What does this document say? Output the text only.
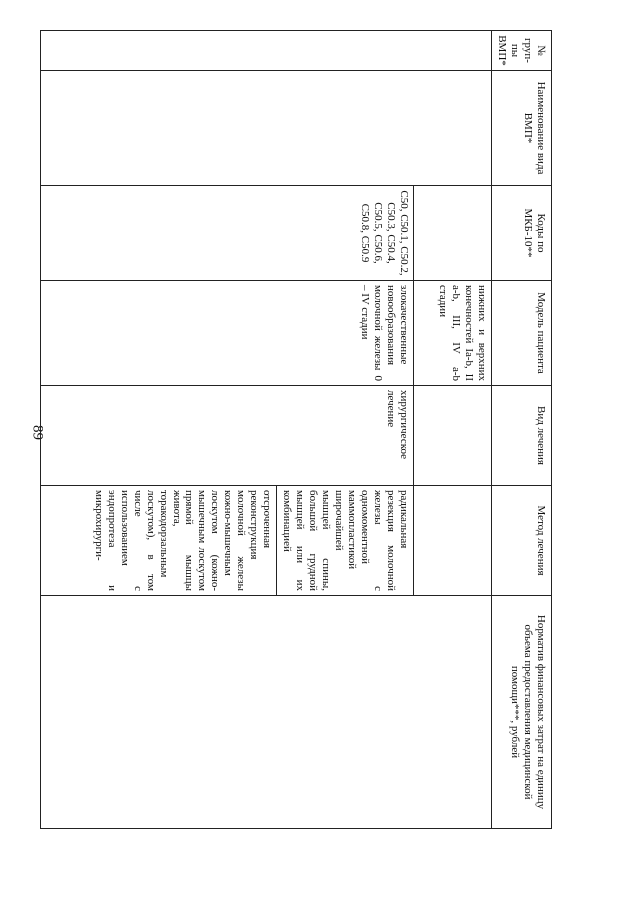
89
№ груп-пы ВМП*	Наименование вида ВМП*	Коды по МКБ-10**	Модель пациента	Вид лечения	Метод лечения	Норматив финансовых затрат на единицу объема предоставления медицинской помощи***, рублей
			нижних и верхних конечностей Ia-b, II a-b, III, IV a-b стадии			
		C50, C50.1, C50.2, C50.3, C50.4, C50.5, C50.6, C50.8, C50.9	злокачественные новообразования молочной железы 0 – IV стадии	хирургическое лечение	радикальная резекция молочной железы с одномоментной маммопластикой широчайшей мышцей спины, большой грудной мышцей или их комбинацией	
					отсроченная реконструкция молочной железы кожно-мышечным лоскутом (кожно-мышечным лоскутом прямой мышцы живота, торакодорзальным лоскутом), в том числе с использованием эндопротеза и микрохирурги-	
